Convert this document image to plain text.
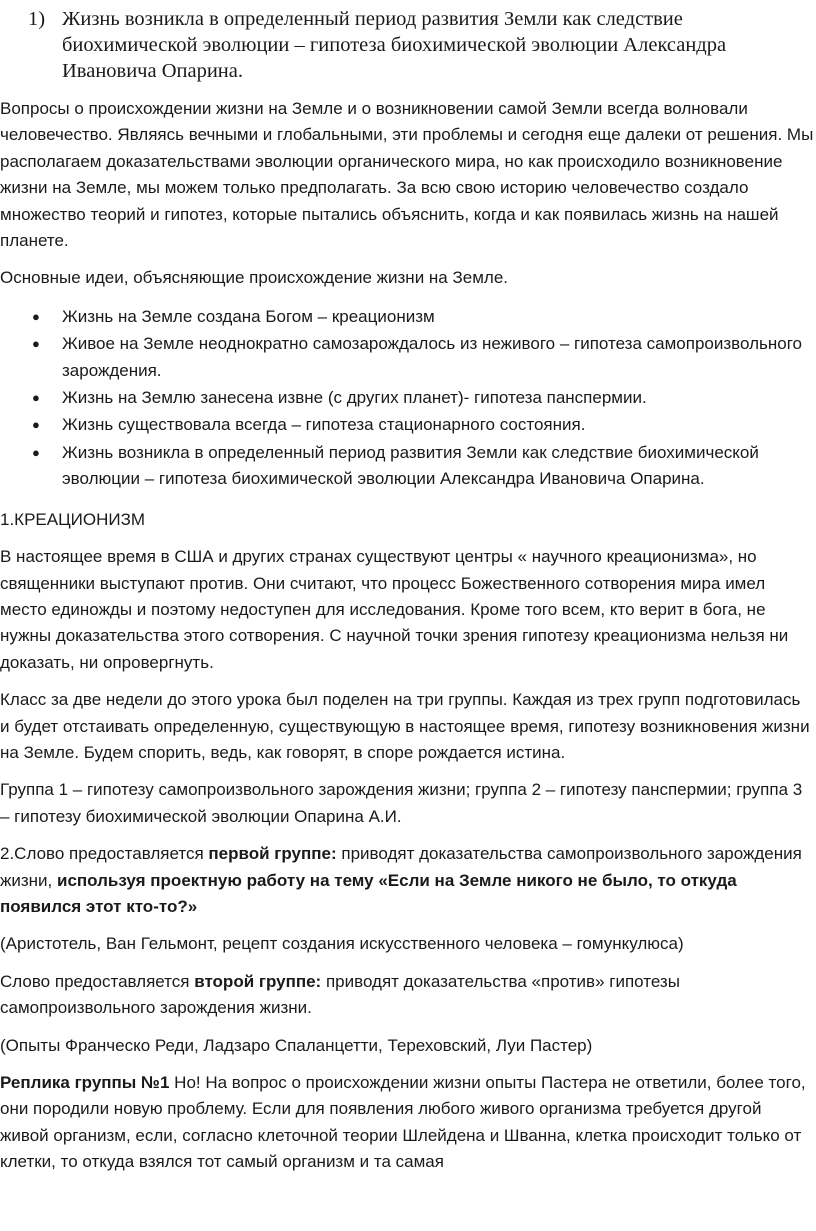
1) Жизнь возникла в определенный период развития Земли как следствие биохимической эволюции – гипотеза биохимической эволюции Александра Ивановича Опарина.

Вопросы о происхождении жизни на Земле и о возникновении самой Земли всегда волновали человечество. Являясь вечными и глобальными, эти проблемы и сегодня еще далеки от решения. Мы располагаем доказательствами эволюции органического мира, но как происходило возникновение жизни на Земле, мы можем только предполагать. За всю свою историю человечество создало множество теорий и гипотез, которые пытались объяснить, когда и как появилась жизнь на нашей планете.

Основные идеи, объясняющие происхождение жизни на Земле.

● Жизнь на Земле создана Богом – креационизм
● Живое на Земле неоднократно самозарождалось из неживого – гипотеза самопроизвольного зарождения.
● Жизнь на Землю занесена извне (с других планет)- гипотеза панспермии.
● Жизнь существовала всегда – гипотеза стационарного состояния.
● Жизнь возникла в определенный период развития Земли как следствие биохимической эволюции – гипотеза биохимической эволюции Александра Ивановича Опарина.

1.КРЕАЦИОНИЗМ

В настоящее время в США и других странах существуют центры « научного креационизма», но священники выступают против. Они считают, что процесс Божественного сотворения мира имел место единожды и поэтому недоступен для исследования. Кроме того всем, кто верит в бога, не нужны доказательства этого сотворения. С научной точки зрения гипотезу креационизма нельзя ни доказать, ни опровергнуть.

Класс за две недели до этого урока был поделен на три группы. Каждая из трех групп подготовилась и будет отстаивать определенную, существующую в настоящее время, гипотезу возникновения жизни на Земле. Будем спорить, ведь, как говорят, в споре рождается истина.

Группа 1 – гипотезу самопроизвольного зарождения жизни; группа 2 – гипотезу панспермии; группа 3 – гипотезу биохимической эволюции Опарина А.И.

2.Слово предоставляется первой группе: приводят доказательства самопроизвольного зарождения жизни, используя проектную работу на тему «Если на Земле никого не было, то откуда появился этот кто-то?»

(Аристотель, Ван Гельмонт, рецепт создания искусственного человека – гомункулюса)

Слово предоставляется второй группе: приводят доказательства «против» гипотезы самопроизвольного зарождения жизни.

(Опыты Франческо Реди, Ладзаро Спаланцетти, Тереховский, Луи Пастер)

Реплика группы №1 Но! На вопрос о происхождении жизни опыты Пастера не ответили, более того, они породили новую проблему. Если для появления любого живого организма требуется другой живой организм, если, согласно клеточной теории Шлейдена и Шванна, клетка происходит только от клетки, то откуда взялся тот самый организм и та самая
